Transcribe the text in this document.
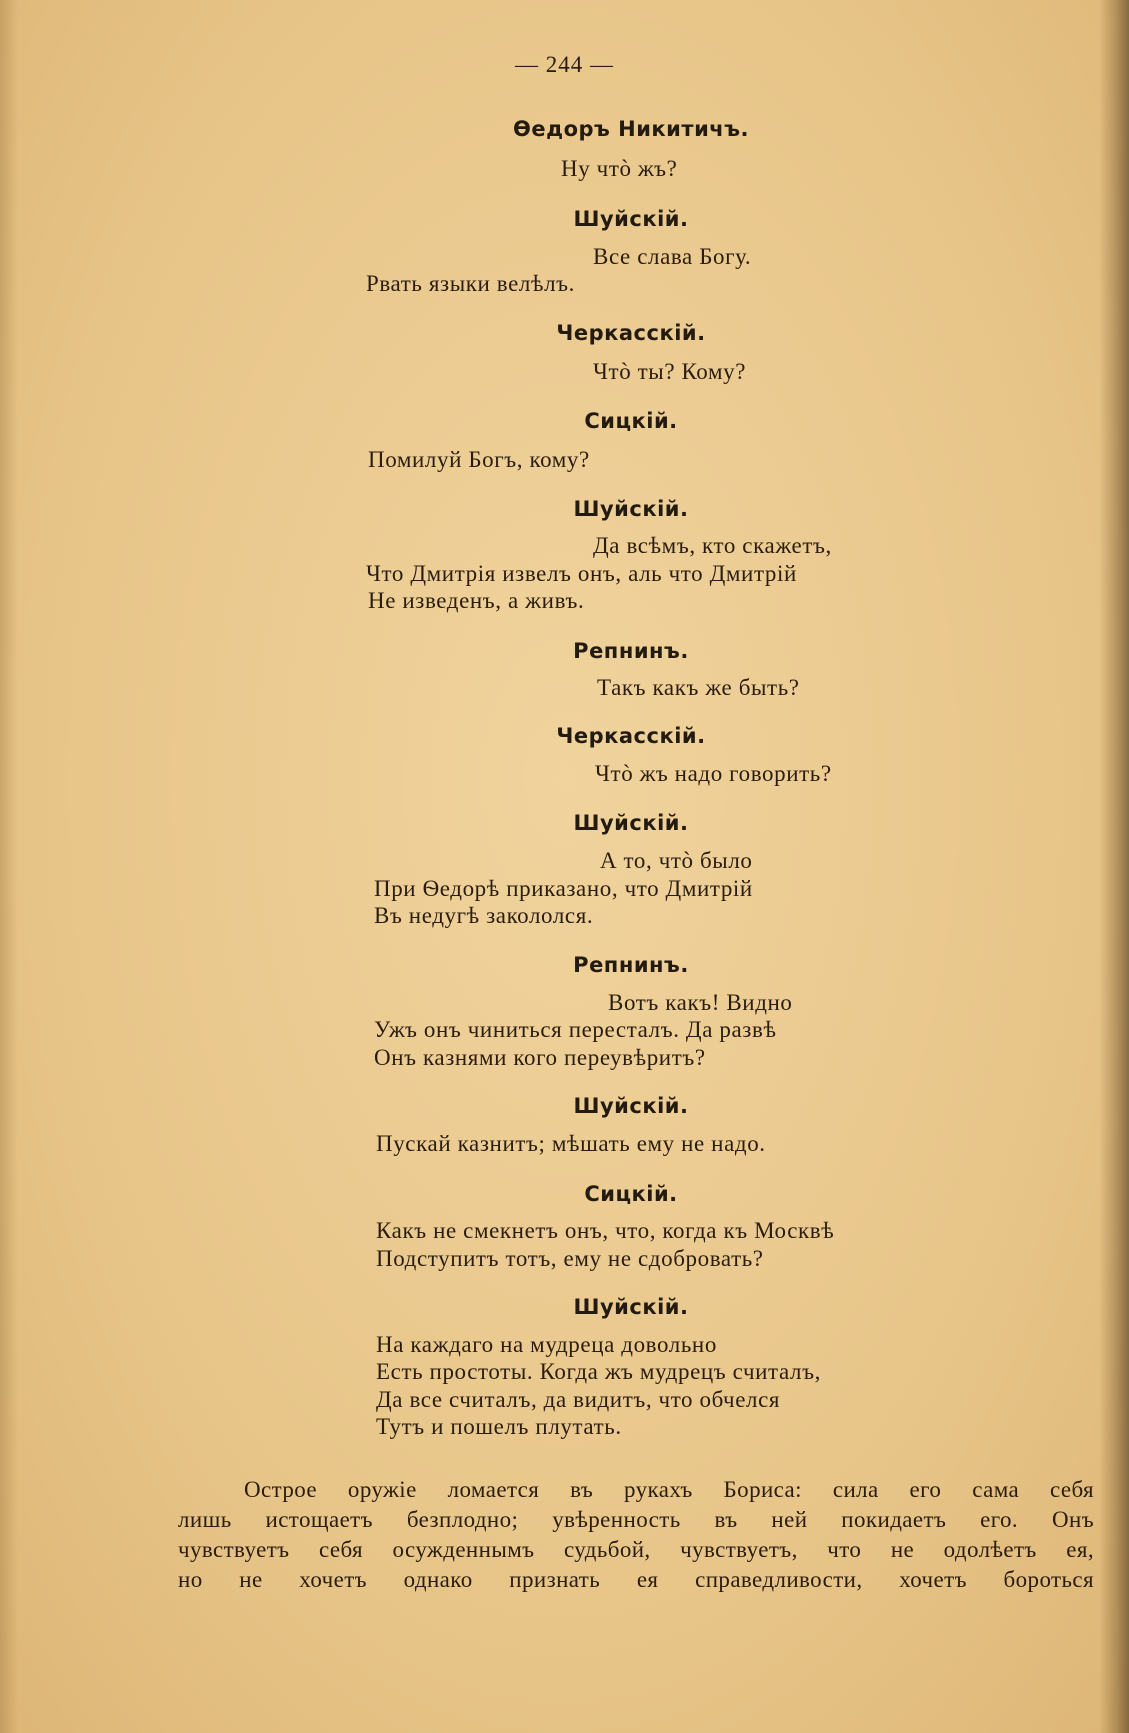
— 244 —
Ѳедоръ Никитичъ.
Ну чтò жъ?
Шуйскій.
Все слава Богу.
Рвать языки велѣлъ.
Черкасскій.
Чтò ты? Кому?
Сицкій.
Помилуй Богъ, кому?
Шуйскій.
Да всѣмъ, кто скажетъ,
Что Дмитрія извелъ онъ, аль что Дмитрій
Не изведенъ, а живъ.
Репнинъ.
Такъ какъ же быть?
Черкасскій.
Чтò жъ надо говорить?
Шуйскій.
А то, чтò было
При Ѳедорѣ приказано, что Дмитрій
Въ недугѣ закололся.
Репнинъ.
Вотъ какъ! Видно
Ужъ онъ чиниться пересталъ. Да развѣ
Онъ казнями кого переувѣритъ?
Шуйскій.
Пускай казнитъ; мѣшать ему не надо.
Сицкій.
Какъ не смекнетъ онъ, что, когда къ Москвѣ
Подступитъ тотъ, ему не сдобровать?
Шуйскій.
На каждаго на мудреца довольно
Есть простоты. Когда жъ мудрецъ считалъ,
Да все считалъ, да видитъ, что обчелся
Тутъ и пошелъ плутать.
Острое оружіе ломается въ рукахъ Бориса: сила его сама себя
лишь истощаетъ безплодно; увѣренность въ ней покидаетъ его. Онъ
чувствуетъ себя осужденнымъ судьбой, чувствуетъ, что не одолѣетъ ея,
но не хочетъ однако признать ея справедливости, хочетъ бороться
